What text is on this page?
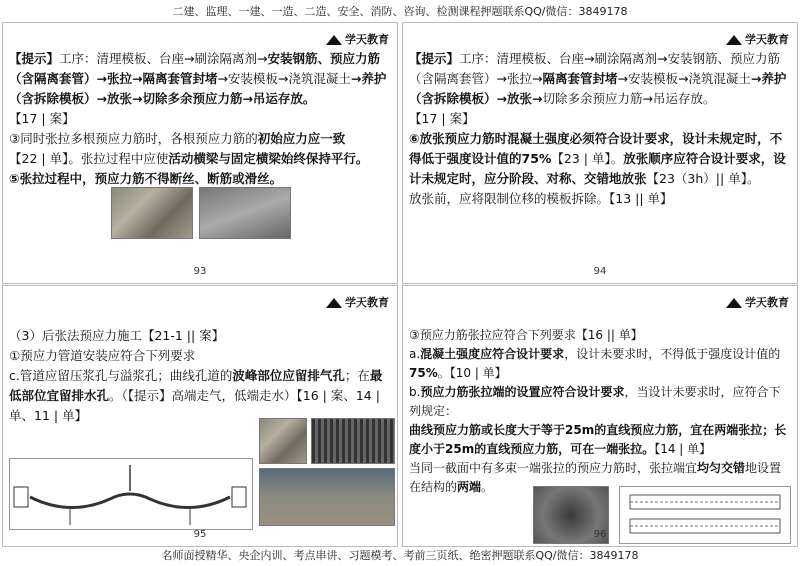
二建、监理、一建、一造、二造、安全、消防、咨询、检测课程押题联系QQ/微信：3849178
学天教育

【提示】工序：清理模板、台座→刷涂隔离剂→安装钢筋、预应力筋（含隔离套管）→张拉→隔离套管封堵→安装模板→浇筑混凝土→养护（含拆除模板）→放张→切除多余预应力筋→吊运存放。

【17 | 案】

③同时张拉多根预应力筋时，各根预应力筋的初始应力应一致

【22 | 单】。张拉过程中应使活动横梁与固定横梁始终保持平行。

⑤张拉过程中，预应力筋不得断丝、断筋或滑丝。

93
学天教育

【提示】工序：清理模板、台座→刷涂隔离剂→安装钢筋、预应力筋（含隔离套管）→张拉→隔离套管封堵→安装模板→浇筑混凝土→养护（含拆除模板）→放张→切除多余预应力筋→吊运存放。

【17 | 案】

⑥放张预应力筋时混凝土强度必须符合设计要求，设计未规定时，不得低于强度设计值的75%【23 | 单】。放张顺序应符合设计要求，设计未规定时，应分阶段、对称、交错地放张【23（3h）|| 单】。

放张前，应将限制位移的模板拆除。【13 || 单】

94
学天教育

（3）后张法预应力施工【21-1 || 案】

①预应力管道安装应符合下列要求

c.管道应留压浆孔与溢浆孔；曲线孔道的波峰部位应留排气孔；在最低部位宜留排水孔。（【提示】高端走气，低端走水）【16 | 案、14 | 单、11 | 单】

95
学天教育

③预应力筋张拉应符合下列要求【16 || 单】

a.混凝土强度应符合设计要求，设计未要求时，不得低于强度设计值的75%。【10 | 单】

b.预应力筋张拉端的设置应符合设计要求，当设计未要求时，应符合下列规定：

曲线预应力筋或长度大于等于25m的直线预应力筋，宜在两端张拉；长度小于25m的直线预应力筋，可在一端张拉。【14 | 单】

当同一截面中有多束一端张拉的预应力筋时，张拉端宜均匀交错地设置在结构的两端。

96
名师面授精华、央企内训、考点串讲、习题模考、考前三页纸、绝密押题联系QQ/微信：3849178
